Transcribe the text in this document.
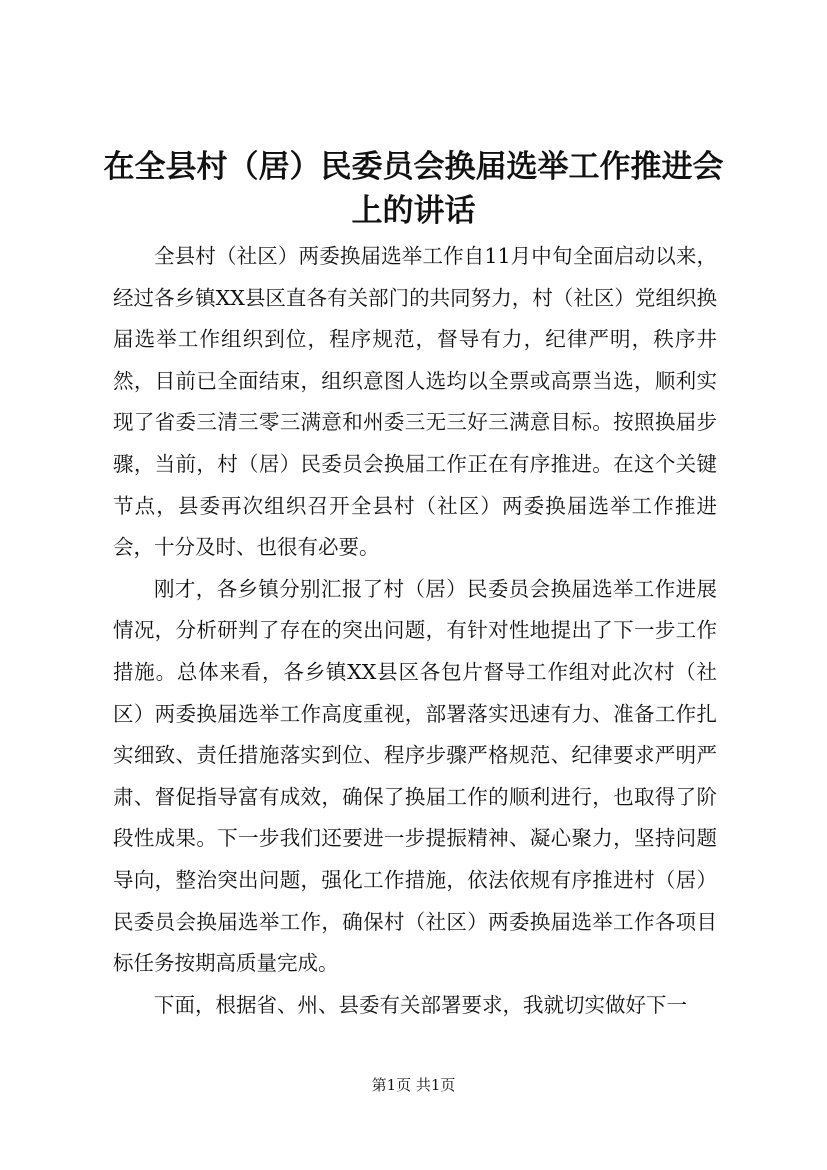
在全县村（居）民委员会换届选举工作推进会上的讲话

全县村（社区）两委换届选举工作自11月中旬全面启动以来，经过各乡镇XX县区直各有关部门的共同努力，村（社区）党组织换届选举工作组织到位，程序规范，督导有力，纪律严明，秩序井然，目前已全面结束，组织意图人选均以全票或高票当选，顺利实现了省委三清三零三满意和州委三无三好三满意目标。按照换届步骤，当前，村（居）民委员会换届工作正在有序推进。在这个关键节点，县委再次组织召开全县村（社区）两委换届选举工作推进会，十分及时、也很有必要。

刚才，各乡镇分别汇报了村（居）民委员会换届选举工作进展情况，分析研判了存在的突出问题，有针对性地提出了下一步工作措施。总体来看，各乡镇XX县区各包片督导工作组对此次村（社区）两委换届选举工作高度重视，部署落实迅速有力、准备工作扎实细致、责任措施落实到位、程序步骤严格规范、纪律要求严明严肃、督促指导富有成效，确保了换届工作的顺利进行，也取得了阶段性成果。下一步我们还要进一步提振精神、凝心聚力，坚持问题导向，整治突出问题，强化工作措施，依法依规有序推进村（居）民委员会换届选举工作，确保村（社区）两委换届选举工作各项目标任务按期高质量完成。

下面，根据省、州、县委有关部署要求，我就切实做好下一

第1页 共1页
